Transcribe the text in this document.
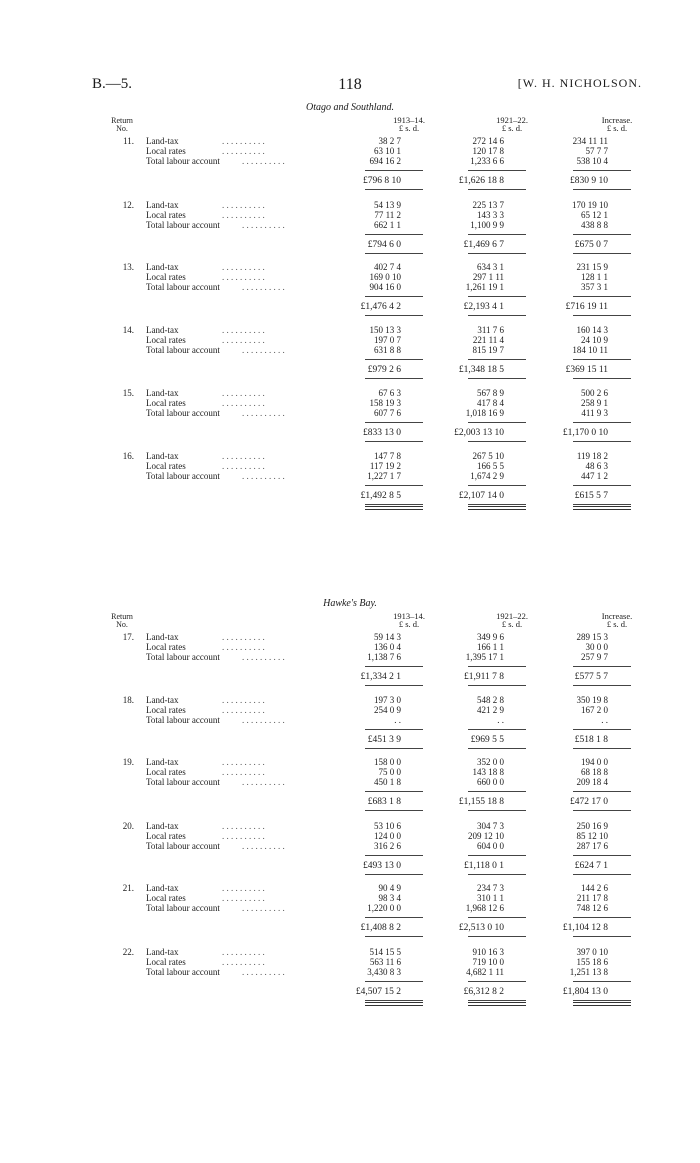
B.—5.	118	[W. H. NICHOLSON.
Otago and Southland.
Return
No.
1913–14.
£ s. d.
1921–22.
£ s. d.
Increase.
£ s. d.
11. Land-tax	. . . . . . . . . .	38 2 7	272 14 6	234 11 11
Local rates	. . . . . . . . . .	63 10 1	120 17 8	57 7 7
Total labour account . . . . . . . . . .	694 16 2	1,233 6 6	538 10 4
£796 8 10	£1,626 18 8	£830 9 10
12. Land-tax	. . . . . . . . . .	54 13 9	225 13 7	170 19 10
Local rates	. . . . . . . . . .	77 11 2	143 3 3	65 12 1
Total labour account . . . . . . . . . .	662 1 1	1,100 9 9	438 8 8
£794 6 0	£1,469 6 7	£675 0 7
13. Land-tax	. . . . . . . . . .	402 7 4	634 3 1	231 15 9
Local rates	. . . . . . . . . .	169 0 10	297 1 11	128 1 1
Total labour account . . . . . . . . . .	904 16 0	1,261 19 1	357 3 1
£1,476 4 2	£2,193 4 1	£716 19 11
14. Land-tax	. . . . . . . . . .	150 13 3	311 7 6	160 14 3
Local rates	. . . . . . . . . .	197 0 7	221 11 4	24 10 9
Total labour account . . . . . . . . . .	631 8 8	815 19 7	184 10 11
£979 2 6	£1,348 18 5	£369 15 11
15. Land-tax	. . . . . . . . . .	67 6 3	567 8 9	500 2 6
Local rates	. . . . . . . . . .	158 19 3	417 8 4	258 9 1
Total labour account . . . . . . . . . .	607 7 6	1,018 16 9	411 9 3
£833 13 0	£2,003 13 10	£1,170 0 10
16. Land-tax	. . . . . . . . . .	147 7 8	267 5 10	119 18 2
Local rates	. . . . . . . . . .	117 19 2	166 5 5	48 6 3
Total labour account . . . . . . . . . .	1,227 1 7	1,674 2 9	447 1 2
£1,492 8 5	£2,107 14 0	£615 5 7
Hawke's Bay.
Return
No.
1913–14.
£ s. d.
1921–22.
£ s. d.
Increase.
£ s. d.
17. Land-tax	. . . . . . . . . .	59 14 3	349 9 6	289 15 3
Local rates	. . . . . . . . . .	136 0 4	166 1 1	30 0 0
Total labour account . . . . . . . . . .	1,138 7 6	1,395 17 1	257 9 7
£1,334 2 1	£1,911 7 8	£577 5 7
18. Land-tax	. . . . . . . . . .	197 3 0	548 2 8	350 19 8
Local rates	. . . . . . . . . .	254 0 9	421 2 9	167 2 0
Total labour account . . . . . . . . . .	. .	. .	. .
£451 3 9	£969 5 5	£518 1 8
19. Land-tax	. . . . . . . . . .	158 0 0	352 0 0	194 0 0
Local rates	. . . . . . . . . .	75 0 0	143 18 8	68 18 8
Total labour account . . . . . . . . . .	450 1 8	660 0 0	209 18 4
£683 1 8	£1,155 18 8	£472 17 0
20. Land-tax	. . . . . . . . . .	53 10 6	304 7 3	250 16 9
Local rates	. . . . . . . . . .	124 0 0	209 12 10	85 12 10
Total labour account . . . . . . . . . .	316 2 6	604 0 0	287 17 6
£493 13 0	£1,118 0 1	£624 7 1
21. Land-tax	. . . . . . . . . .	90 4 9	234 7 3	144 2 6
Local rates	. . . . . . . . . .	98 3 4	310 1 1	211 17 8
Total labour account . . . . . . . . . .	1,220 0 0	1,968 12 6	748 12 6
£1,408 8 2	£2,513 0 10	£1,104 12 8
22. Land-tax	. . . . . . . . . .	514 15 5	910 16 3	397 0 10
Local rates	. . . . . . . . . .	563 11 6	719 10 0	155 18 6
Total labour account . . . . . . . . . .	3,430 8 3	4,682 1 11	1,251 13 8
£4,507 15 2	£6,312 8 2	£1,804 13 0
